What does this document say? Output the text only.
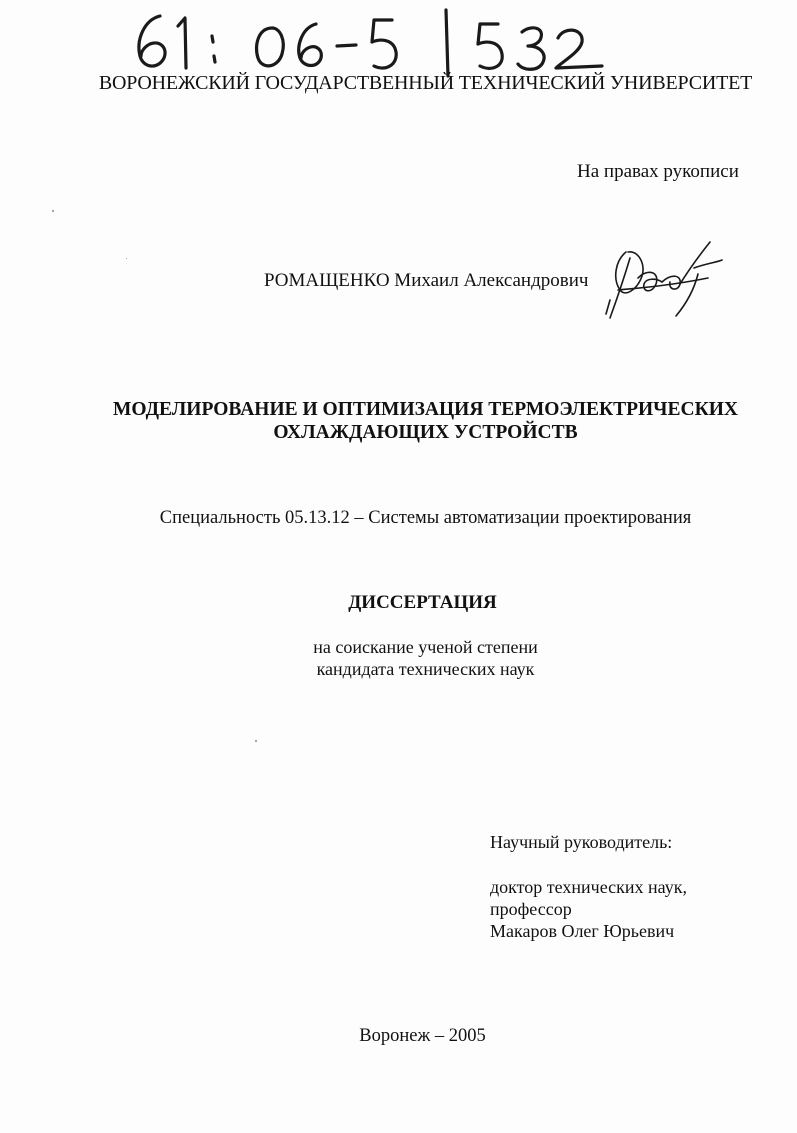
ВОРОНЕЖСКИЙ ГОСУДАРСТВЕННЫЙ ТЕХНИЧЕСКИЙ УНИВЕРСИТЕТ
На правах рукописи
РОМАЩЕНКО Михаил Александрович
МОДЕЛИРОВАНИЕ И ОПТИМИЗАЦИЯ ТЕРМОЭЛЕКТРИЧЕСКИХ
ОХЛАЖДАЮЩИХ УСТРОЙСТВ
Специальность 05.13.12 – Системы автоматизации проектирования
ДИССЕРТАЦИЯ
на соискание ученой степени
кандидата технических наук
Научный руководитель:
доктор технических наук,
профессор
Макаров Олег Юрьевич
Воронеж – 2005
